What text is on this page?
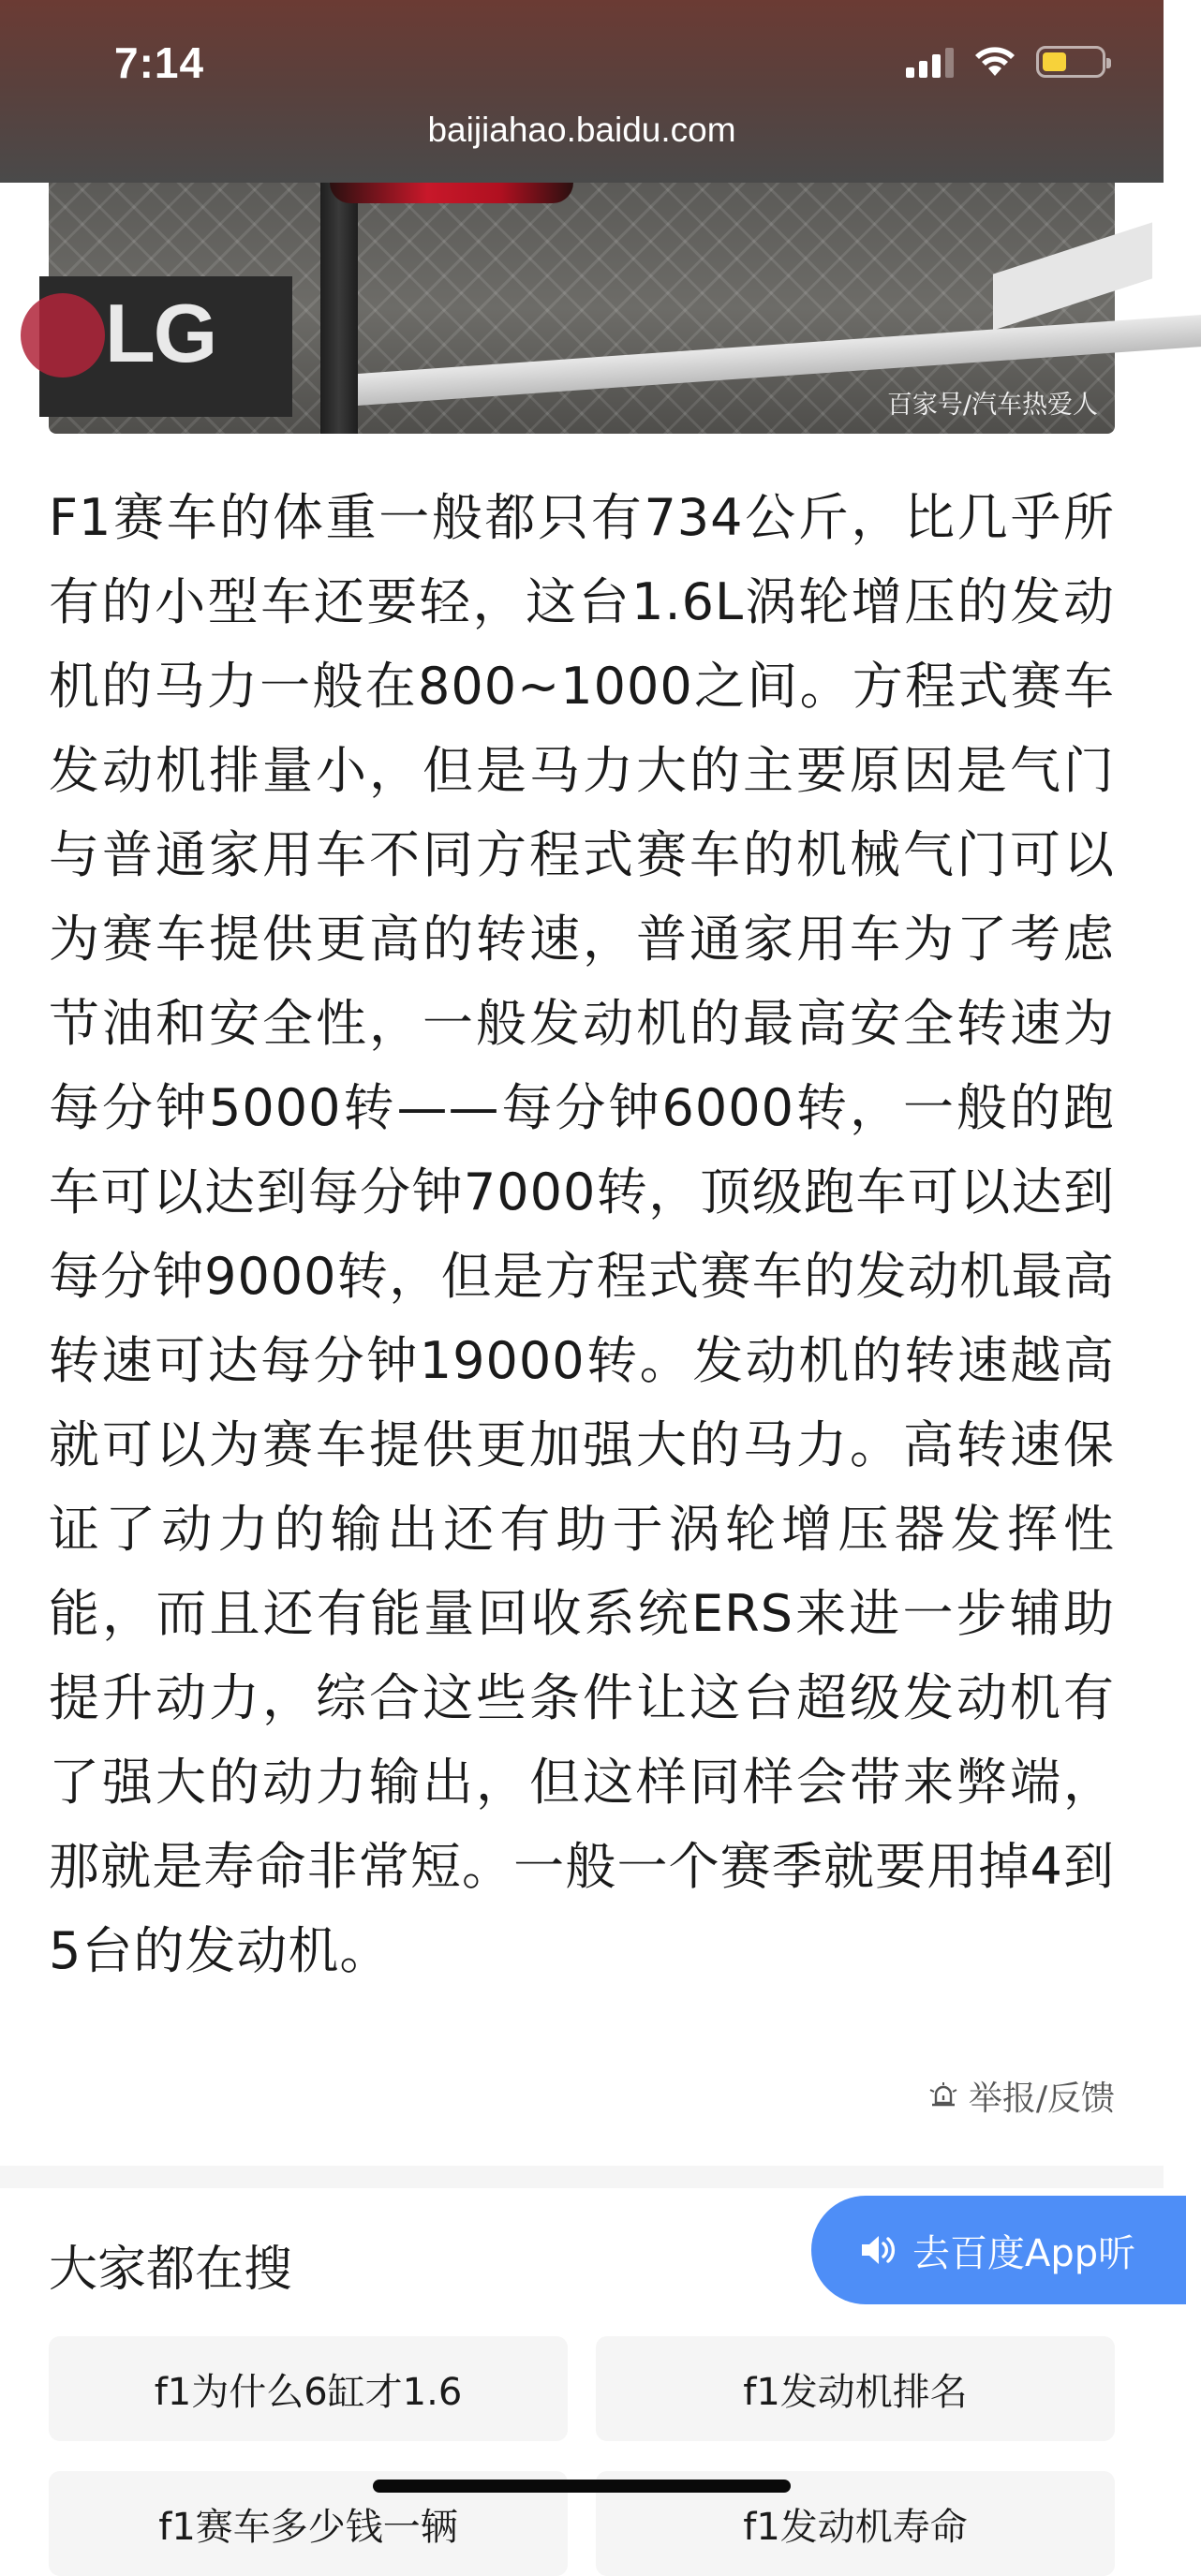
7:14
baijiahao.baidu.com
LG
百家号/汽车热爱人

F1赛车的体重一般都只有734公斤，比几乎所有的小型车还要轻，这台1.6L涡轮增压的发动机的马力一般在800~1000之间。方程式赛车发动机排量小，但是马力大的主要原因是气门与普通家用车不同方程式赛车的机械气门可以为赛车提供更高的转速，普通家用车为了考虑节油和安全性，一般发动机的最高安全转速为每分钟5000转——每分钟6000转，一般的跑车可以达到每分钟7000转，顶级跑车可以达到每分钟9000转，但是方程式赛车的发动机最高转速可达每分钟19000转。发动机的转速越高就可以为赛车提供更加强大的马力。高转速保证了动力的输出还有助于涡轮增压器发挥性能，而且还有能量回收系统ERS来进一步辅助提升动力，综合这些条件让这台超级发动机有了强大的动力输出，但这样同样会带来弊端，那就是寿命非常短。一般一个赛季就要用掉4到5台的发动机。

举报/反馈
大家都在搜	去百度App听
f1为什么6缸才1.6	f1发动机排名
f1赛车多少钱一辆	f1发动机寿命
